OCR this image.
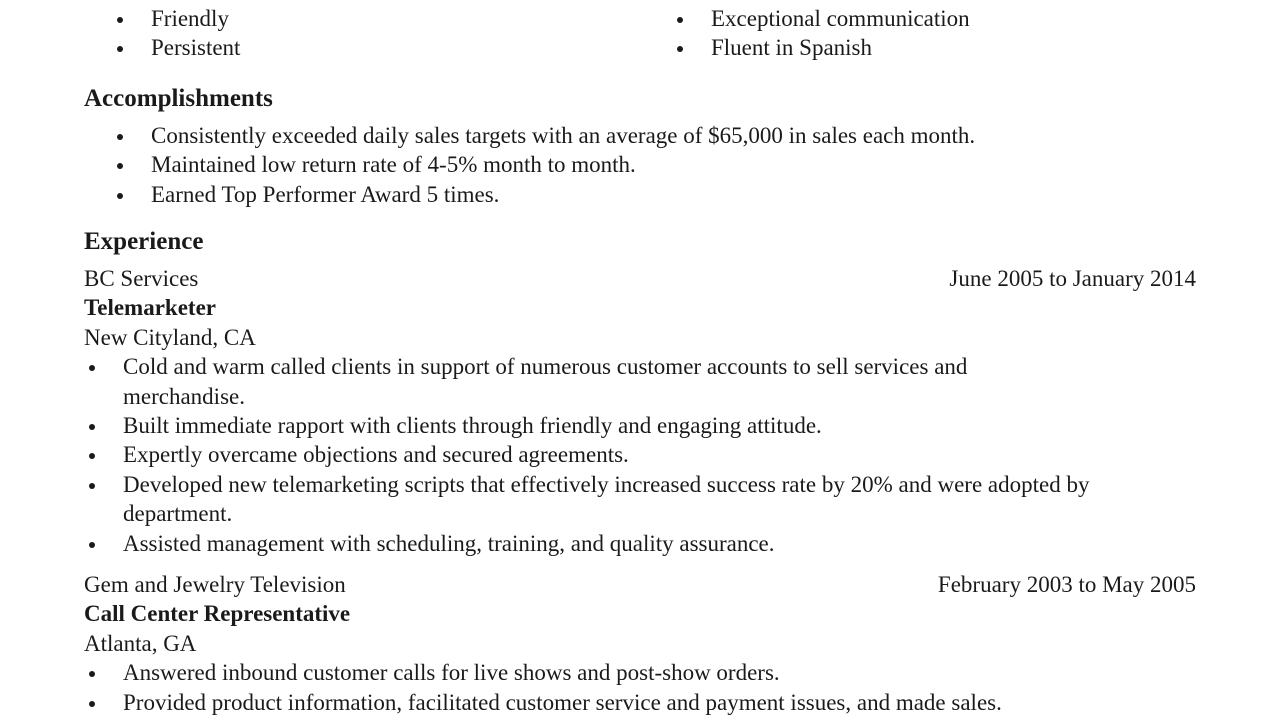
Friendly
Persistent
Exceptional communication
Fluent in Spanish
Accomplishments
Consistently exceeded daily sales targets with an average of $65,000 in sales each month.
Maintained low return rate of 4-5% month to month.
Earned Top Performer Award 5 times.
Experience
BC Services	June 2005 to January 2014
Telemarketer
New Cityland, CA
Cold and warm called clients in support of numerous customer accounts to sell services and merchandise.
Built immediate rapport with clients through friendly and engaging attitude.
Expertly overcame objections and secured agreements.
Developed new telemarketing scripts that effectively increased success rate by 20% and were adopted by department.
Assisted management with scheduling, training, and quality assurance.
Gem and Jewelry Television	February 2003 to May 2005
Call Center Representative
Atlanta, GA
Answered inbound customer calls for live shows and post-show orders.
Provided product information, facilitated customer service and payment issues, and made sales.
